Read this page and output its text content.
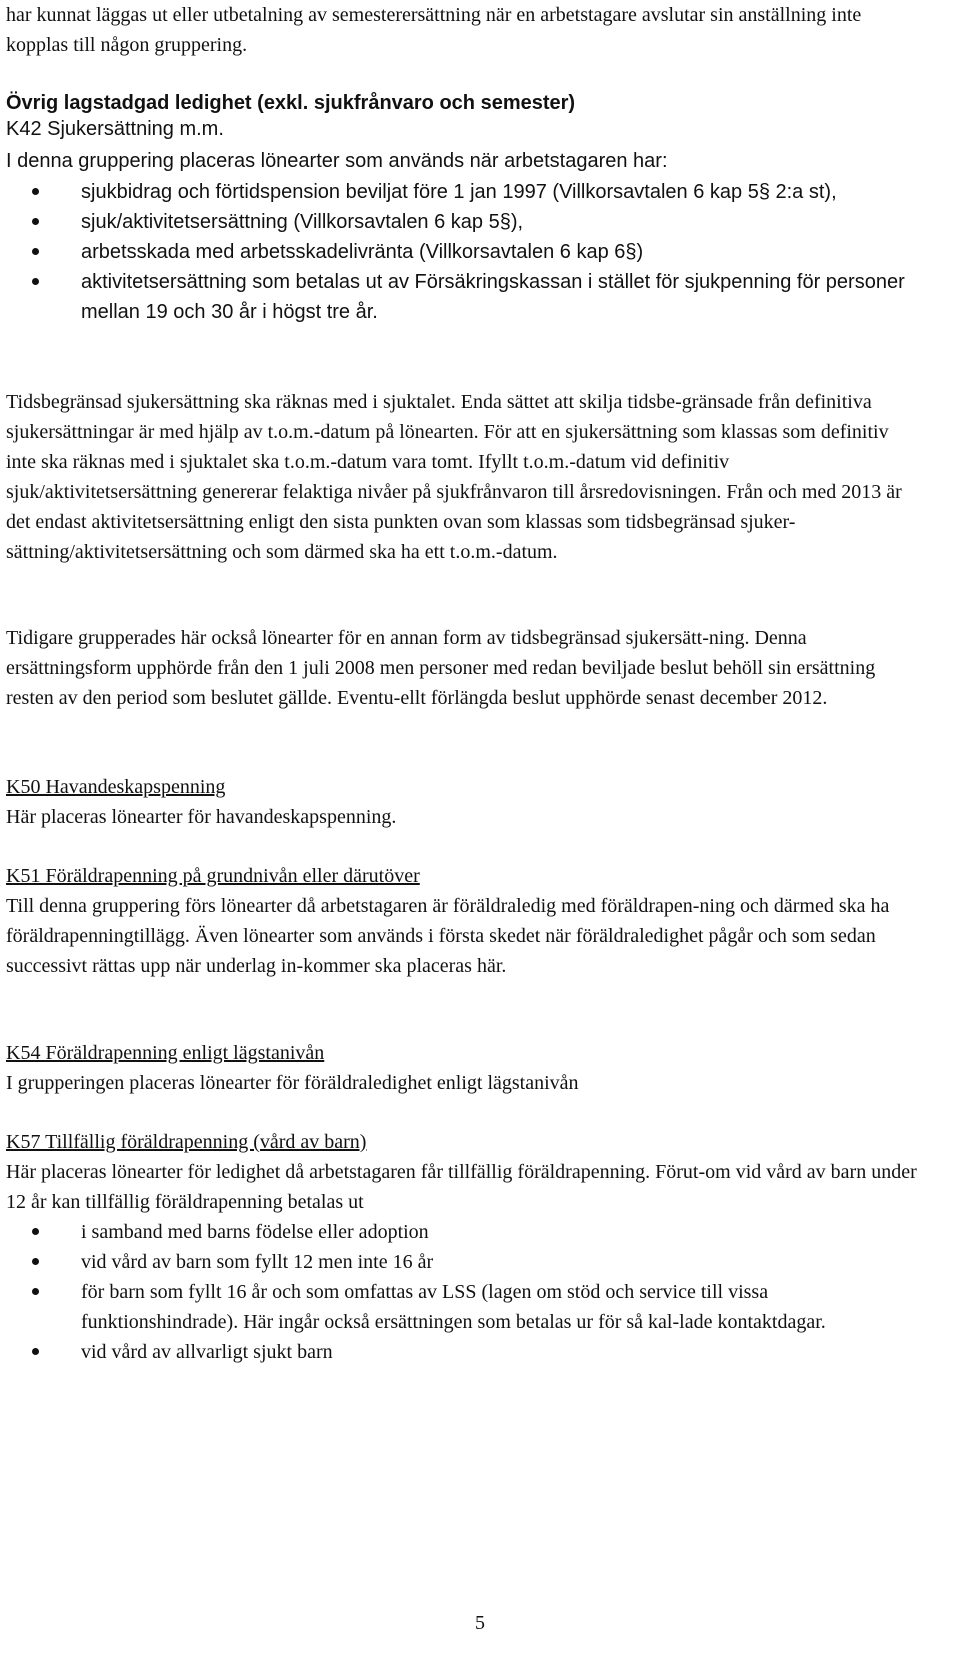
har kunnat läggas ut eller utbetalning av semesterersättning när en arbetstagare avslutar sin anställning inte kopplas till någon gruppering.

Övrig lagstadgad ledighet (exkl. sjukfrånvaro och semester)

K42 Sjukersättning m.m.

I denna gruppering placeras lönearter som används när arbetstagaren har:

sjukbidrag och förtidspension beviljat före 1 jan 1997 (Villkorsavtalen 6 kap 5§ 2:a st),
sjuk/aktivitetsersättning (Villkorsavtalen 6 kap 5§),
arbetsskada med arbetsskadelivränta (Villkorsavtalen 6 kap 6§)
aktivitetsersättning som betalas ut av Försäkringskassan i stället för sjukpenning för personer mellan 19 och 30 år i högst tre år.

Tidsbegränsad sjukersättning ska räknas med i sjuktalet. Enda sättet att skilja tidsbe-gränsade från definitiva sjukersättningar är med hjälp av t.o.m.-datum på lönearten. För att en sjukersättning som klassas som definitiv inte ska räknas med i sjuktalet ska t.o.m.-datum vara tomt. Ifyllt t.o.m.-datum vid definitiv sjuk/aktivitetsersättning genererar felaktiga nivåer på sjukfrånvaron till årsredovisningen. Från och med 2013 är det endast aktivitetsersättning enligt den sista punkten ovan som klassas som tidsbegränsad sjuker-sättning/aktivitetsersättning och som därmed ska ha ett t.o.m.-datum.

Tidigare grupperades här också lönearter för en annan form av tidsbegränsad sjukersätt-ning. Denna ersättningsform upphörde från den 1 juli 2008 men personer med redan beviljade beslut behöll sin ersättning resten av den period som beslutet gällde. Eventu-ellt förlängda beslut upphörde senast december 2012.

K50 Havandeskapspenning

Här placeras lönearter för havandeskapspenning.

K51 Föräldrapenning på grundnivån eller därutöver

Till denna gruppering förs lönearter då arbetstagaren är föräldraledig med föräldrapen-ning och därmed ska ha föräldrapenningtillägg. Även lönearter som används i första skedet när föräldraledighet pågår och som sedan successivt rättas upp när underlag in-kommer ska placeras här.

K54 Föräldrapenning enligt lägstanivån

I grupperingen placeras lönearter för föräldraledighet enligt lägstanivån

K57 Tillfällig föräldrapenning (vård av barn)

Här placeras lönearter för ledighet då arbetstagaren får tillfällig föräldrapenning. Förut-om vid vård av barn under 12 år kan tillfällig föräldrapenning betalas ut

i samband med barns födelse eller adoption
vid vård av barn som fyllt 12 men inte 16 år
för barn som fyllt 16 år och som omfattas av LSS (lagen om stöd och service till vissa funktionshindrade). Här ingår också ersättningen som betalas ur för så kal-lade kontaktdagar.
vid vård av allvarligt sjukt barn
5
